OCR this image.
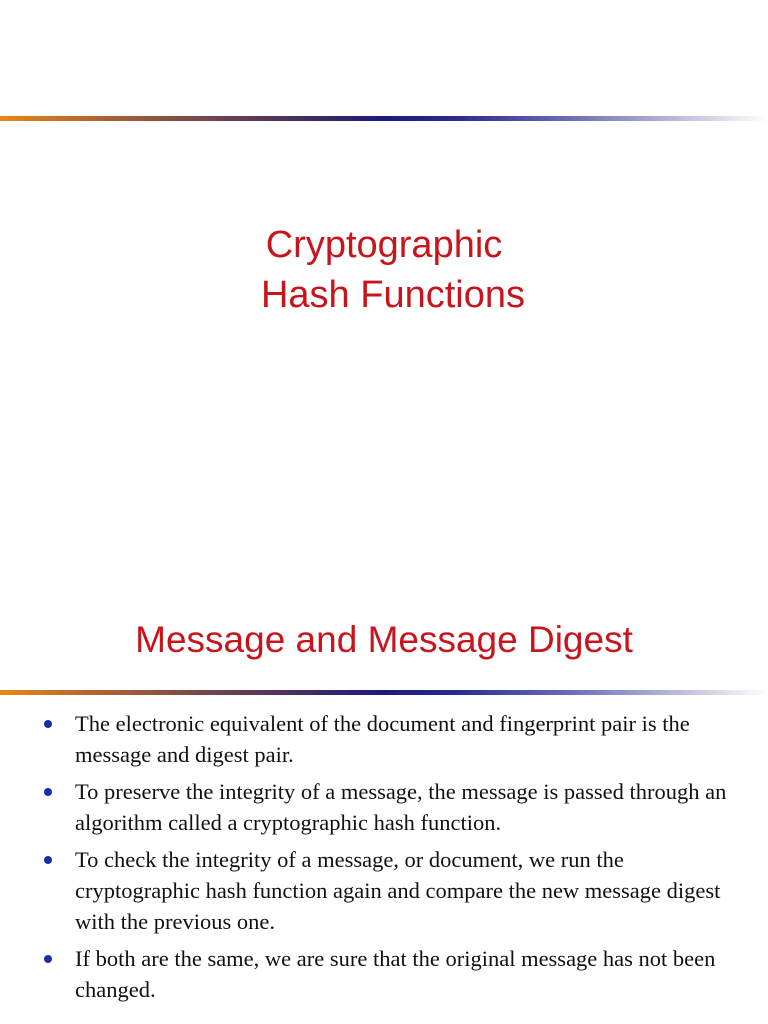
Cryptographic
Hash Functions
Message and Message Digest
The electronic equivalent of the document and fingerprint pair is the message and digest pair.
To preserve the integrity of a message, the message is passed through an algorithm called a cryptographic hash function.
To check the integrity of a message, or document, we run the cryptographic hash function again and compare the new message digest with the previous one.
If both are the same, we are sure that the original message has not been changed.
